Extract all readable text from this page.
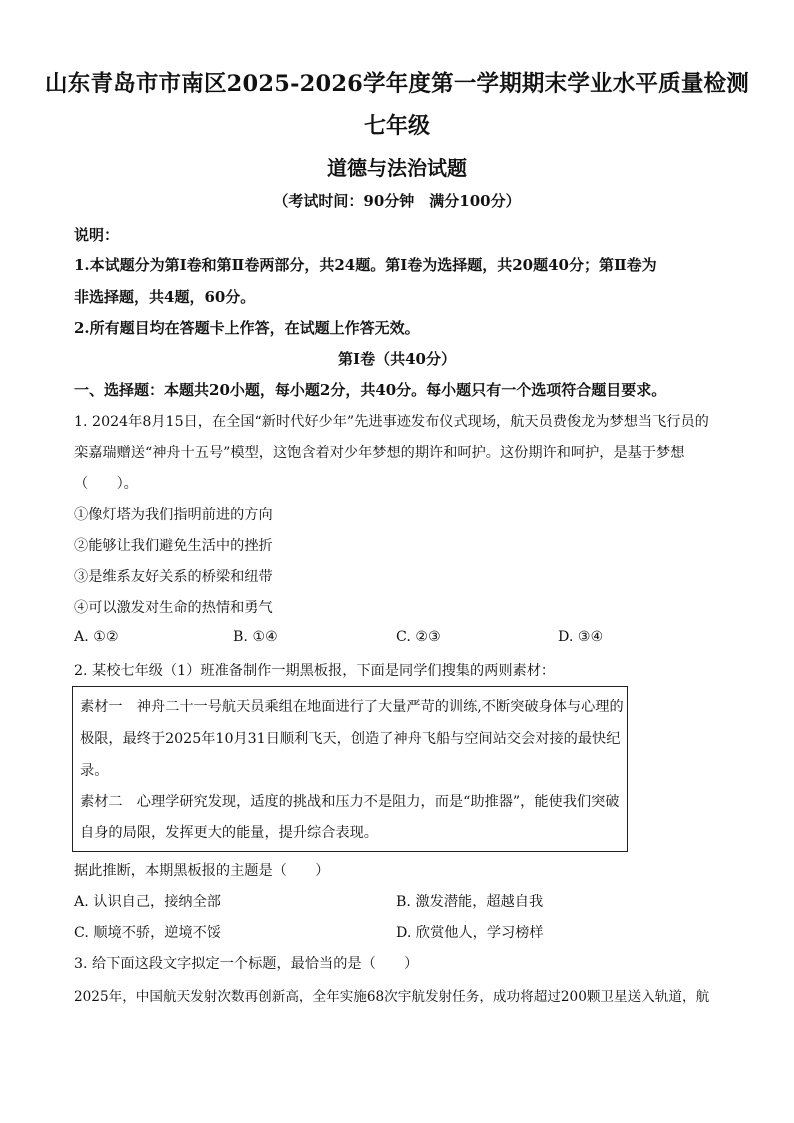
山东青岛市市南区2025-2026学年度第一学期期末学业水平质量检测
七年级
道德与法治试题
（考试时间：90分钟　满分100分）
说明：
1.本试题分为第Ⅰ卷和第Ⅱ卷两部分，共24题。第Ⅰ卷为选择题，共20题40分；第Ⅱ卷为
非选择题，共4题，60分。
2.所有题目均在答题卡上作答，在试题上作答无效。
第Ⅰ卷（共40分）
一、选择题：本题共20小题，每小题2分，共40分。每小题只有一个选项符合题目要求。
1. 2024年8月15日，在全国“新时代好少年”先进事迹发布仪式现场，航天员费俊龙为梦想当飞行员的
栾嘉瑞赠送“神舟十五号”模型，这饱含着对少年梦想的期许和呵护。这份期许和呵护，是基于梦想
（　　）。
①像灯塔为我们指明前进的方向
②能够让我们避免生活中的挫折
③是维系友好关系的桥梁和纽带
④可以激发对生命的热情和勇气
A. ①②	B. ①④	C. ②③	D. ③④
2. 某校七年级（1）班准备制作一期黑板报，下面是同学们搜集的两则素材：
素材一　神舟二十一号航天员乘组在地面进行了大量严苛的训练,不断突破身体与心理的
极限，最终于2025年10月31日顺利飞天，创造了神舟飞船与空间站交会对接的最快纪
录。
素材二　心理学研究发现，适度的挑战和压力不是阻力，而是“助推器”，能使我们突破
自身的局限，发挥更大的能量，提升综合表现。
据此推断，本期黑板报的主题是（　　）
A. 认识自己，接纳全部	B. 激发潜能，超越自我
C. 顺境不骄，逆境不馁	D. 欣赏他人，学习榜样
3. 给下面这段文字拟定一个标题，最恰当的是（　　）
2025年，中国航天发射次数再创新高，全年实施68次宇航发射任务，成功将超过200颗卫星送入轨道，航
